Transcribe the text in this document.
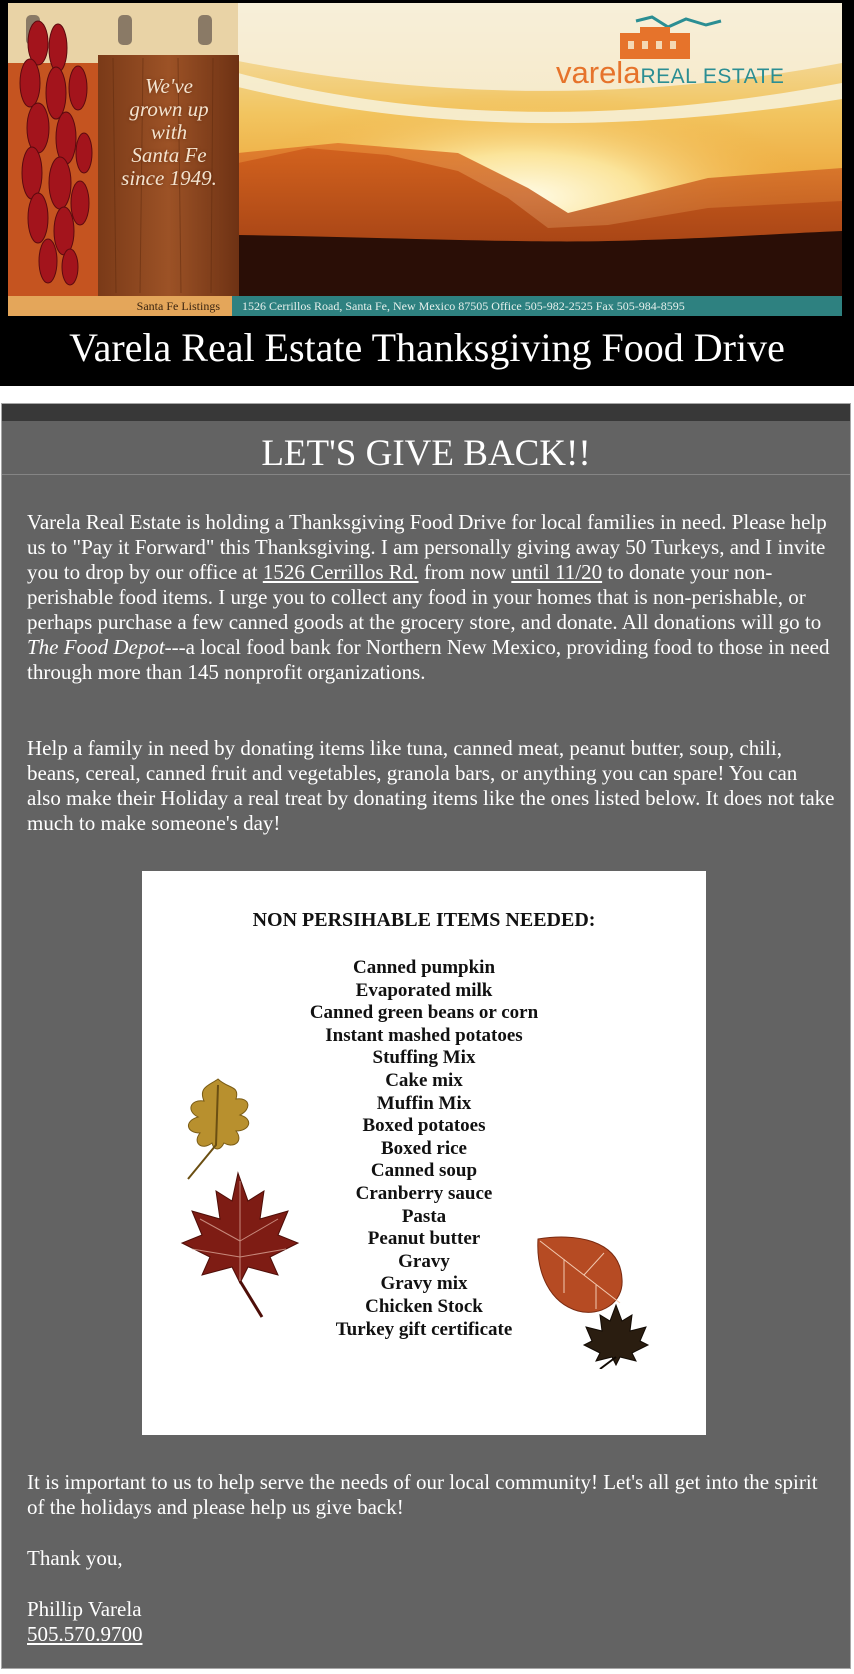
varelaREAL ESTATE
We've
grown up
with
Santa Fe
since 1949.
Santa Fe Listings	1526 Cerrillos Road, Santa Fe, New Mexico 87505 Office 505-982-2525 Fax 505-984-8595
Varela Real Estate Thanksgiving Food Drive
LET'S GIVE BACK!!
Varela Real Estate is holding a Thanksgiving Food Drive for local families in need. Please help us to "Pay it Forward" this Thanksgiving. I am personally giving away 50 Turkeys, and I invite you to drop by our office at 1526 Cerrillos Rd. from now until 11/20 to donate your non-perishable food items. I urge you to collect any food in your homes that is non-perishable, or perhaps purchase a few canned goods at the grocery store, and donate. All donations will go to The Food Depot---a local food bank for Northern New Mexico, providing food to those in need through more than 145 nonprofit organizations.
Help a family in need by donating items like tuna, canned meat, peanut butter, soup, chili, beans, cereal, canned fruit and vegetables, granola bars, or anything you can spare! You can also make their Holiday a real treat by donating items like the ones listed below. It does not take much to make someone's day!
NON PERSIHABLE ITEMS NEEDED:
Canned pumpkin
Evaporated milk
Canned green beans or corn
Instant mashed potatoes
Stuffing Mix
Cake mix
Muffin Mix
Boxed potatoes
Boxed rice
Canned soup
Cranberry sauce
Pasta
Peanut butter
Gravy
Gravy mix
Chicken Stock
Turkey gift certificate
It is important to us to help serve the needs of our local community! Let's all get into the spirit of the holidays and please help us give back!
Thank you,
Phillip Varela
505.570.9700
